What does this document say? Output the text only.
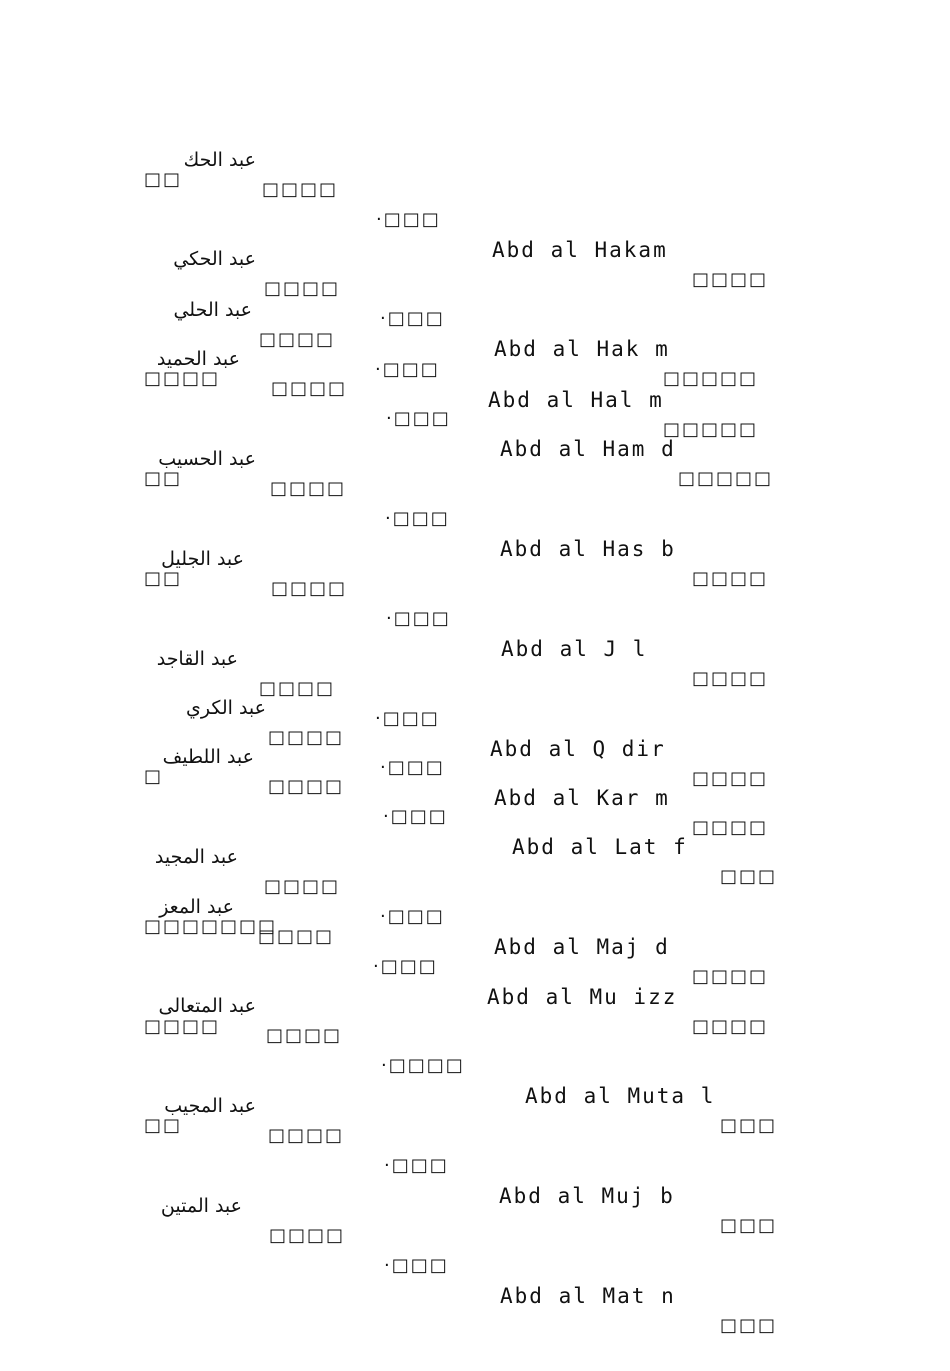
عبد الحك

□□□□

·□□□

Abd al Hakam

□□□□

□□

عبد الحكي

□□□□

·□□□

Abd al Hak m

□□□□□

عبد الحلي

□□□□

·□□□

Abd al Hal m

□□□□□

عبد الحميد

□□□□

·□□□

Abd al Ham d

□□□□□

□□□□

عبد الحسيب

□□□□

·□□□

Abd al Has b

□□□□

□□

عبد الجليل

□□□□

·□□□

Abd al J l

□□□□

□□

عبد القاجد

□□□□

·□□□

Abd al Q dir

□□□□

عبد الكري

□□□□

·□□□

Abd al Kar m

□□□□

عبد اللطيف

□□□□

·□□□

Abd al Lat f

□□□

□

عبد المجيد

□□□□

·□□□

Abd al Maj d

□□□□

عبد المعز

□□□□

·□□□

Abd al Mu izz

□□□□

□□□□□□□

عبد المتعالى

□□□□

·□□□□

Abd al Muta l

□□□

□□□□

عبد المجيب

□□□□

·□□□

Abd al Muj b

□□□

□□

عبد المتين

□□□□

·□□□

Abd al Mat n

□□□
